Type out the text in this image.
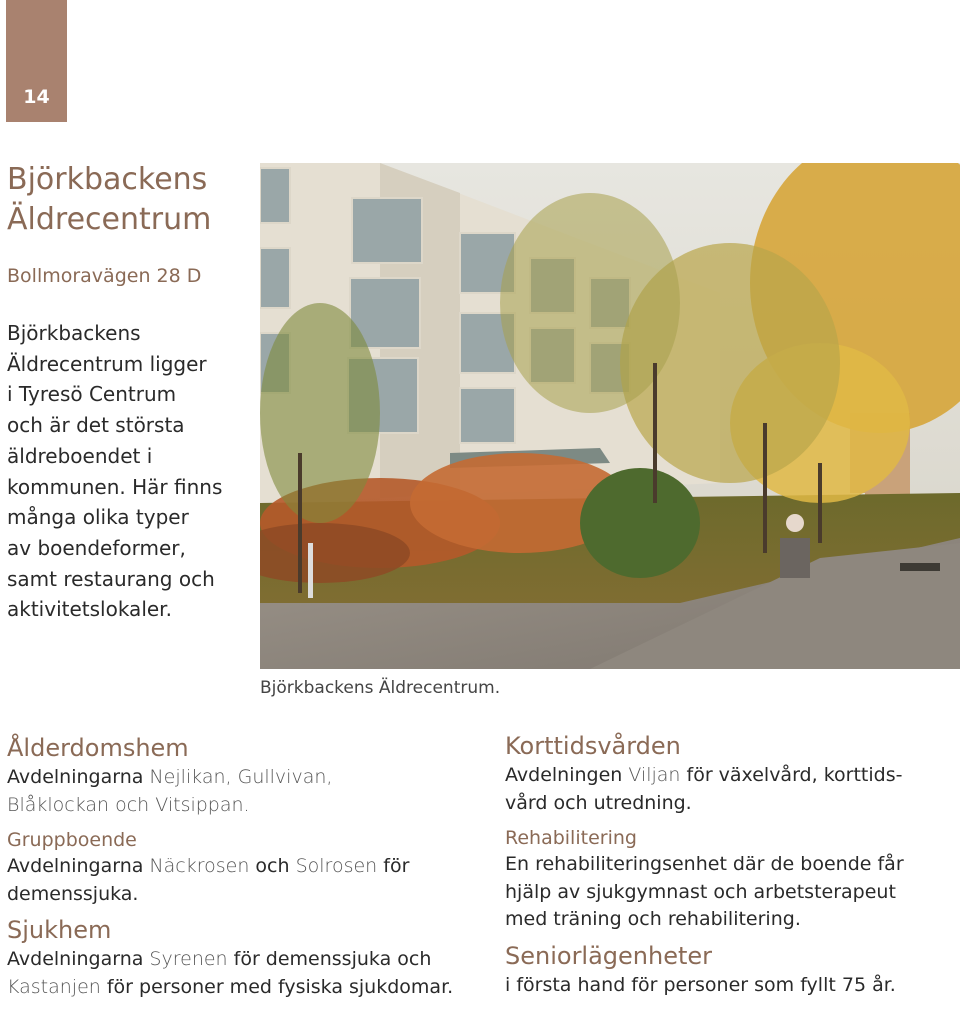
14
Björkbackens
Äldrecentrum

Bollmoravägen 28 D

Björkbackens
Äldrecentrum ligger
i Tyresö Centrum
och är det största
äldreboendet i
kommunen. Här finns
många olika typer
av boendeformer,
samt restaurang och
aktivitetslokaler.

Björkbackens Äldrecentrum.

Ålderdomshem

Avdelningarna Nejlikan, Gullvivan,
Blåklockan och Vitsippan.

Gruppboende

Avdelningarna Näckrosen och Solrosen för
demenssjuka.

Sjukhem

Avdelningarna Syrenen för demenssjuka och
Kastanjen för personer med fysiska sjukdomar.

Korttidsvården

Avdelningen Viljan för växelvård, korttids-
vård och utredning.

Rehabilitering

En rehabiliteringsenhet där de boende får
hjälp av sjukgymnast och arbetsterapeut
med träning och rehabilitering.

Seniorlägenheter

i första hand för personer som fyllt 75 år.
